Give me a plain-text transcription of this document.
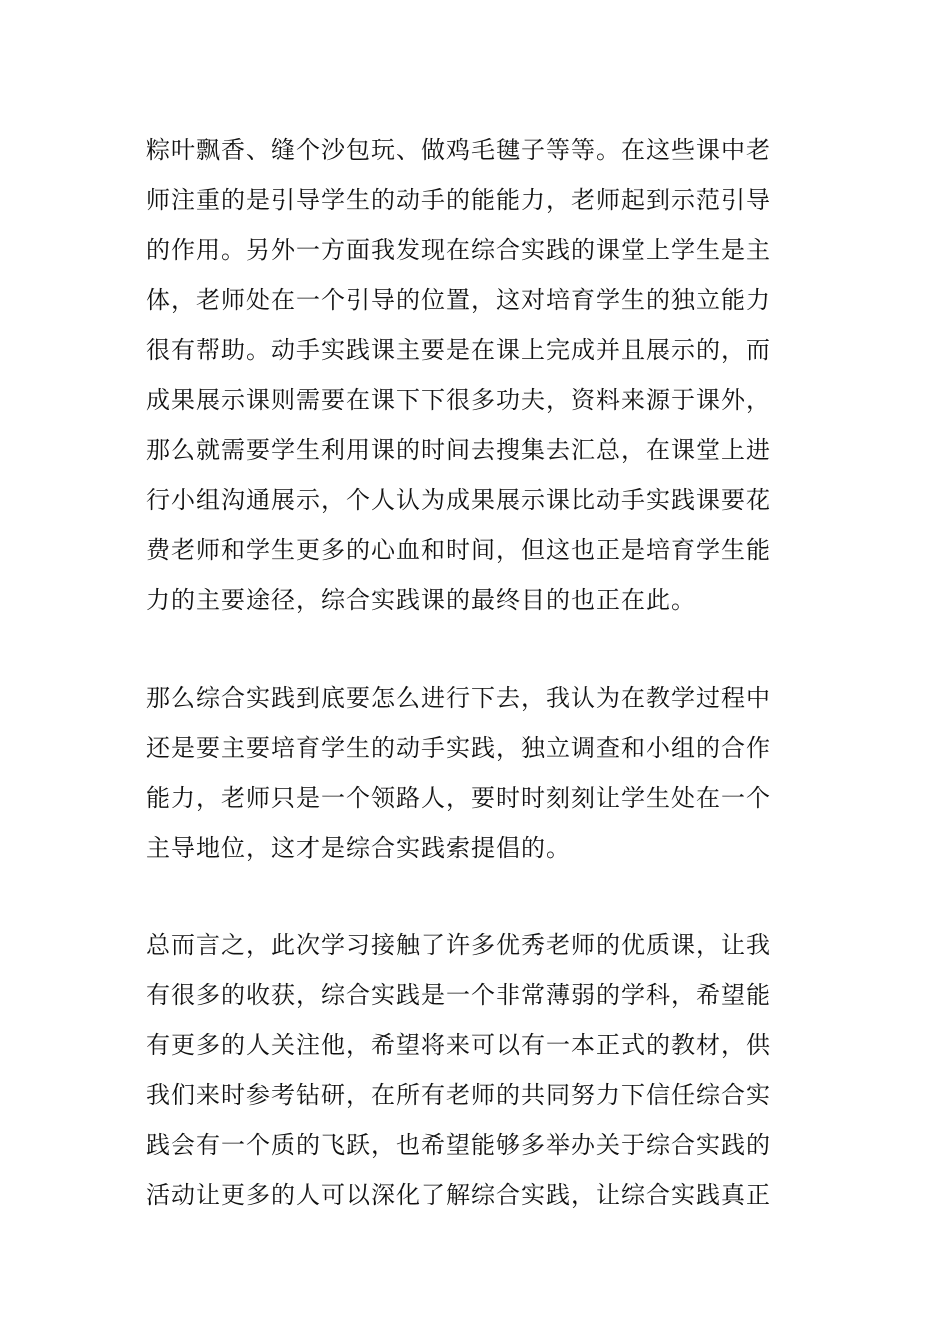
粽叶飘香、缝个沙包玩、做鸡毛毽子等等。在这些课中老
师注重的是引导学生的动手的能能力，老师起到示范引导
的作用。另外一方面我发现在综合实践的课堂上学生是主
体，老师处在一个引导的位置，这对培育学生的独立能力
很有帮助。动手实践课主要是在课上完成并且展示的，而
成果展示课则需要在课下下很多功夫，资料来源于课外，
那么就需要学生利用课的时间去搜集去汇总，在课堂上进
行小组沟通展示，个人认为成果展示课比动手实践课要花
费老师和学生更多的心血和时间，但这也正是培育学生能
力的主要途径，综合实践课的最终目的也正在此。
那么综合实践到底要怎么进行下去，我认为在教学过程中
还是要主要培育学生的动手实践，独立调查和小组的合作
能力，老师只是一个领路人，要时时刻刻让学生处在一个
主导地位，这才是综合实践索提倡的。
总而言之，此次学习接触了许多优秀老师的优质课，让我
有很多的收获，综合实践是一个非常薄弱的学科，希望能
有更多的人关注他，希望将来可以有一本正式的教材，供
我们来时参考钻研，在所有老师的共同努力下信任综合实
践会有一个质的飞跃，也希望能够多举办关于综合实践的
活动让更多的人可以深化了解综合实践，让综合实践真正
